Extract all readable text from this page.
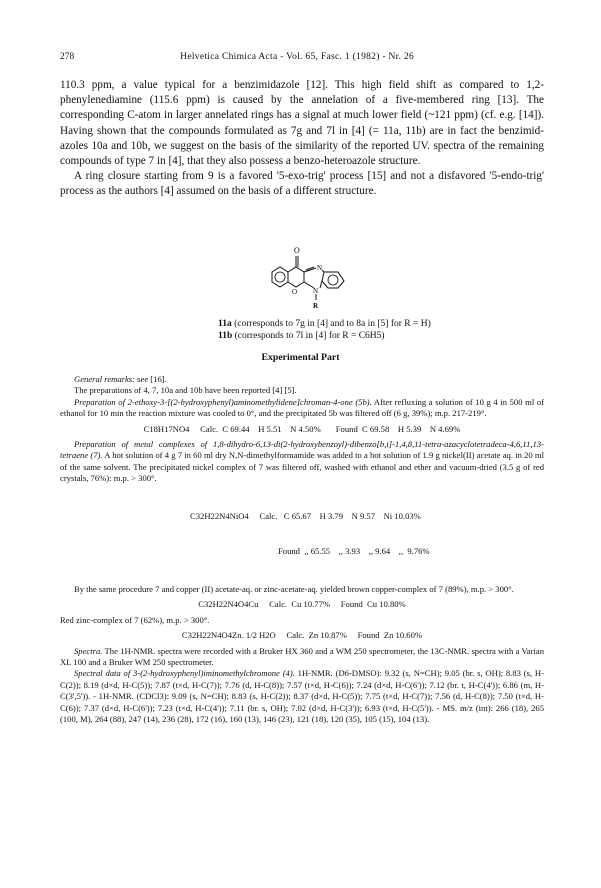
278	Helvetica Chimica Acta - Vol. 65, Fasc. 1 (1982) - Nr. 26

110.3 ppm, a value typical for a benzimidazole [12]. This high field shift as compared to 1,2-phenylenediamine (115.6 ppm) is caused by the annelation of a five-membered ring [13]. The corresponding C-atom in larger annelated rings has a signal at much lower field (~121 ppm) (cf. e.g. [14]). Having shown that the compounds formulated as 7g and 7l in [4] (= 11a, 11b) are in fact the benzimid-azoles 10a and 10b, we suggest on the basis of the similarity of the reported UV. spectra of the remaining compounds of type 7 in [4], that they also possess a benzo-heteroazole structure.

A ring closure starting from 9 is a favored '5-exo-trig' process [15] and not a disfavored '5-endo-trig' process as the authors [4] assumed on the basis of a different structure.

O
O
N
N
R
11a (corresponds to 7g in [4] and to 8a in [5] for R = H)
11b (corresponds to 7l in [4] for R = C6H5)
Experimental Part

General remarks: see [16].

The preparations of 4, 7, 10a and 10b have been reported [4] [5].

Preparation of 2-ethoxy-3-[(2-hydroxyphenyl)aminomethylidene]chroman-4-one (5b). After refluxing a solution of 10 g 4 in 500 ml of ethanol for 10 min the reaction mixture was cooled to 0°, and the precipitated 5b was filtered off (6 g, 39%); m.p. 217-219°.

C18H17NO4     Calc.  C 69.44    H 5.51    N 4.50%       Found  C 69.58    H 5.39    N 4.69%

Preparation of metal complexes of 1,8-dihydro-6,13-di(2-hydroxybenzoyl)-dibenzo[b,i]-1,4,8,11-tetra-azacyclotetradeca-4,6,11,13-tetraene (7). A hot solution of 4 g 7 in 60 ml dry N,N-dimethylformamide was added to a hot solution of 1.9 g nickel(II) acetate aq. in 20 ml of the same solvent. The precipitated nickel complex of 7 was filtered off, washed with ethanol and ether and vacuum-dried (3.5 g of red crystals, 76%): m.p. > 300°.

C32H22N4NiO4     Calc.   C 65.67    H 3.79    N 9.57    Ni 10.03%

Found  ,, 65.55    ,, 3.93    ,, 9.64    ,,  9.76%

By the same procedure 7 and copper (II) acetate-aq. or zinc-acetate-aq. yielded brown copper-complex of 7 (89%), m.p. > 300°.

C32H22N4O4Cu     Calc.  Cu 10.77%     Found  Cu 10.80%

Red zinc-complex of 7 (62%), m.p. > 300°.

C32H22N4O4Zn. 1/2 H2O     Calc.  Zn 10.87%     Found  Zn 10.60%

Spectra. The 1H-NMR. spectra were recorded with a Bruker HX 360 and a WM 250 spectrometer, the 13C-NMR. spectra with a Varian XL 100 and a Bruker WM 250 spectrometer.

Spectral data of 3-(2-hydroxyphenyl)iminomethylchromone (4). 1H-NMR. (D6-DMSO): 9.32 (s, N=CH); 9.05 (br. s, OH); 8.83 (s, H-C(2)); 8.19 (d×d, H-C(5)); 7.87 (t×d, H-C(7)); 7.76 (d, H-C(8)); 7.57 (t×d, H-C(6)); 7.24 (d×d, H-C(6')); 7.12 (br. t, H-C(4')); 6.86 (m, H-C(3',5')). - 1H-NMR. (CDCl3): 9.09 (s, N=CH); 8.83 (s, H-C(2)); 8.37 (d×d, H-C(5)); 7.75 (t×d, H-C(7)); 7.56 (d, H-C(8)); 7.50 (t×d, H-C(6)); 7.37 (d×d, H-C(6')); 7.23 (t×d, H-C(4')); 7.11 (br. s, OH); 7.02 (d×d, H-C(3')); 6.93 (t×d, H-C(5')). - MS. m/z (int): 266 (18), 265 (100, M), 264 (88), 247 (14), 236 (28), 172 (16), 160 (13), 146 (23), 121 (18), 120 (35), 105 (15), 104 (13).
